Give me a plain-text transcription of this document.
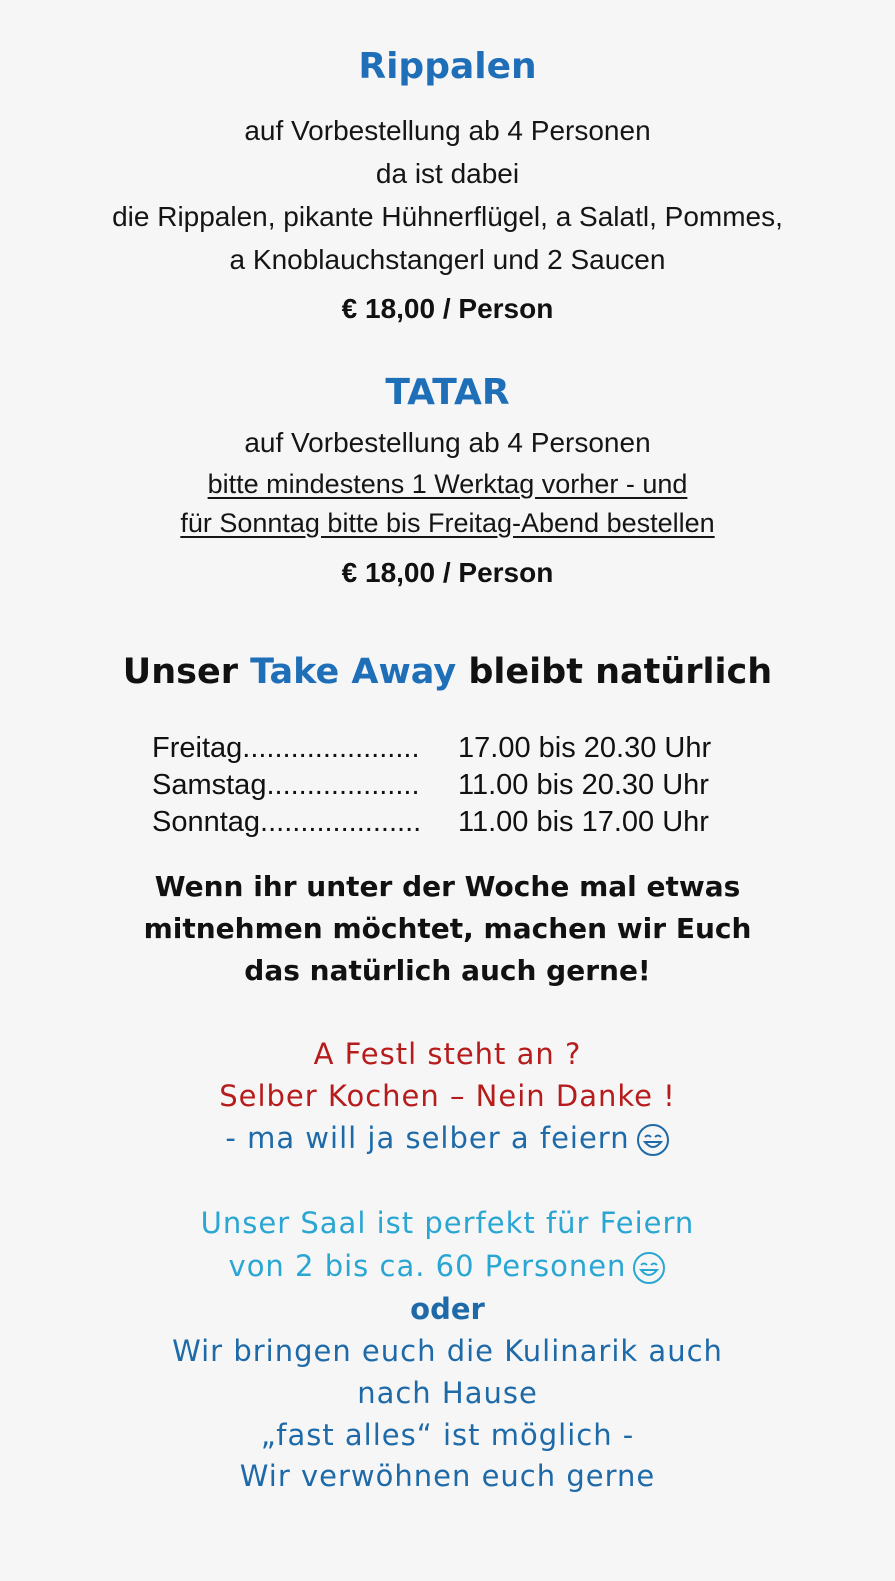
Rippalen
auf Vorbestellung ab 4 Personen
da ist dabei
die Rippalen, pikante Hühnerflügel, a Salatl, Pommes,
a Knoblauchstangerl und 2 Saucen
€ 18,00 / Person
TATAR
auf Vorbestellung ab 4 Personen
bitte mindestens 1 Werktag vorher - und
für Sonntag bitte bis Freitag-Abend bestellen
€ 18,00 / Person
Unser Take Away bleibt natürlich
Freitag...................... 17.00 bis 20.30 Uhr
Samstag................... 11.00 bis 20.30 Uhr
Sonntag.................... 11.00 bis 17.00 Uhr
Wenn ihr unter der Woche mal etwas
mitnehmen möchtet, machen wir Euch
das natürlich auch gerne!
A Festl steht an ?
Selber Kochen – Nein Danke !
- ma will ja selber a feiern
Unser Saal ist perfekt für Feiern
von 2 bis ca. 60 Personen
oder
Wir bringen euch die Kulinarik auch
nach Hause
„fast alles“ ist möglich -
Wir verwöhnen euch gerne
